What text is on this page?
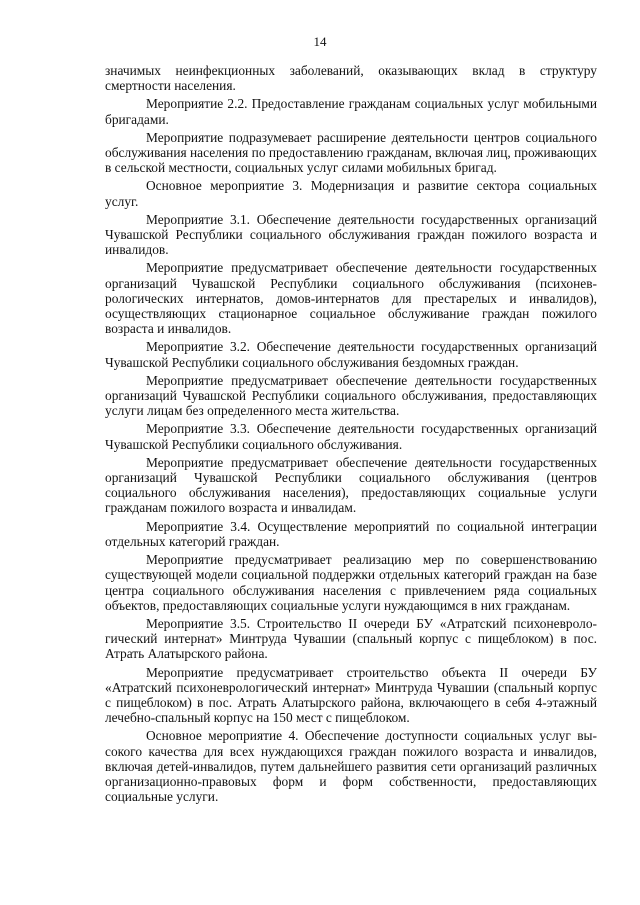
14

значимых неинфекционных заболеваний, оказывающих вклад в структуру смертности населения.

Мероприятие 2.2. Предоставление гражданам социальных услуг мобильными бригадами.

Мероприятие подразумевает расширение деятельности центров социального обслуживания населения по предоставлению гражданам, включая лиц, проживающих в сельской местности, социальных услуг силами мобильных бригад.

Основное мероприятие 3. Модернизация и развитие сектора социальных услуг.

Мероприятие 3.1. Обеспечение деятельности государственных организаций Чувашской Республики социального обслуживания граждан пожилого возраста и инвалидов.

Мероприятие предусматривает обеспечение деятельности государственных организаций Чувашской Республики социального обслуживания (психоневрологических интернатов, домов-интернатов для престарелых и инвалидов), осуществляющих стационарное социальное обслуживание граждан пожилого возраста и инвалидов.

Мероприятие 3.2. Обеспечение деятельности государственных организаций Чувашской Республики социального обслуживания бездомных граждан.

Мероприятие предусматривает обеспечение деятельности государственных организаций Чувашской Республики социального обслуживания, предоставляющих услуги лицам без определенного места жительства.

Мероприятие 3.3. Обеспечение деятельности государственных организаций Чувашской Республики социального обслуживания.

Мероприятие предусматривает обеспечение деятельности государственных организаций Чувашской Республики социального обслуживания (центров социального обслуживания населения), предоставляющих социальные услуги гражданам пожилого возраста и инвалидам.

Мероприятие 3.4. Осуществление мероприятий по социальной интеграции отдельных категорий граждан.

Мероприятие предусматривает реализацию мер по совершенствованию существующей модели социальной поддержки отдельных категорий граждан на базе центра социального обслуживания населения с привлечением ряда социальных объектов, предоставляющих социальные услуги нуждающимся в них гражданам.

Мероприятие 3.5. Строительство II очереди БУ «Атратский психоневрологический интернат» Минтруда Чувашии (спальный корпус с пищеблоком) в пос. Атрать Алатырского района.

Мероприятие предусматривает строительство объекта II очереди БУ «Атратский психоневрологический интернат» Минтруда Чувашии (спальный корпус с пищеблоком) в пос. Атрать Алатырского района, включающего в себя 4-этажный лечебно-спальный корпус на 150 мест с пищеблоком.

Основное мероприятие 4. Обеспечение доступности социальных услуг высокого качества для всех нуждающихся граждан пожилого возраста и инвалидов, включая детей-инвалидов, путем дальнейшего развития сети организаций различных организационно-правовых форм и форм собственности, предоставляющих социальные услуги.
